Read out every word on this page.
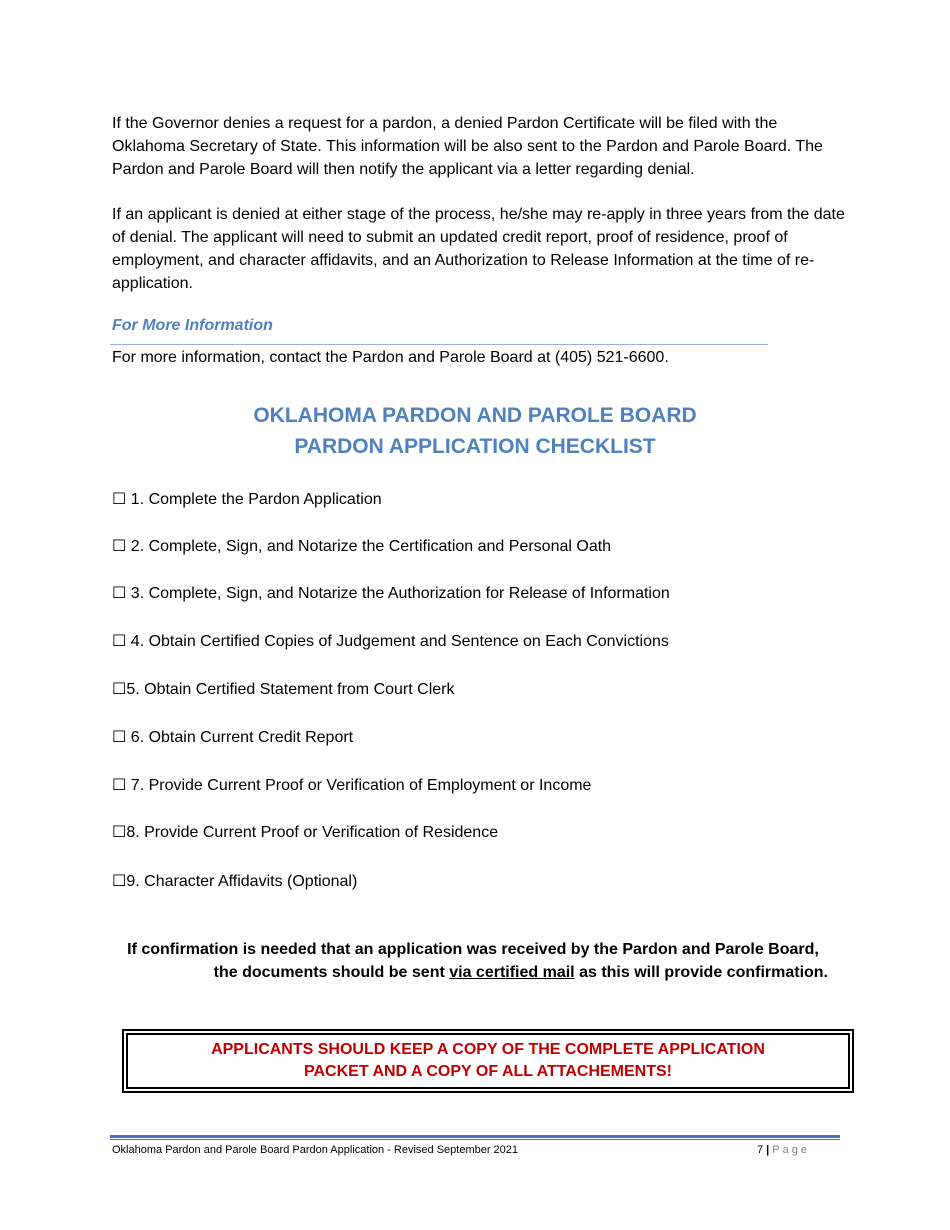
If the Governor denies a request for a pardon, a denied Pardon Certificate will be filed with the Oklahoma Secretary of State. This information will be also sent to the Pardon and Parole Board. The Pardon and Parole Board will then notify the applicant via a letter regarding denial.

If an applicant is denied at either stage of the process, he/she may re-apply in three years from the date of denial. The applicant will need to submit an updated credit report, proof of residence, proof of employment, and character affidavits, and an Authorization to Release Information at the time of re-application.

For More Information

For more information, contact the Pardon and Parole Board at (405) 521-6600.

OKLAHOMA PARDON AND PAROLE BOARD
PARDON APPLICATION CHECKLIST
☐ 1. Complete the Pardon Application
☐ 2. Complete, Sign, and Notarize the Certification and Personal Oath
☐ 3. Complete, Sign, and Notarize the Authorization for Release of Information
☐ 4. Obtain Certified Copies of Judgement and Sentence on Each Convictions
☐5. Obtain Certified Statement from Court Clerk
☐ 6. Obtain Current Credit Report
☐ 7. Provide Current Proof or Verification of Employment or Income
☐8. Provide Current Proof or Verification of Residence
☐9. Character Affidavits (Optional)

If confirmation is needed that an application was received by the Pardon and Parole Board,
the documents should be sent via certified mail as this will provide confirmation.

APPLICANTS SHOULD KEEP A COPY OF THE COMPLETE APPLICATION
PACKET AND A COPY OF ALL ATTACHEMENTS!
Oklahoma Pardon and Parole Board Pardon Application - Revised September 2021	7 | Page
